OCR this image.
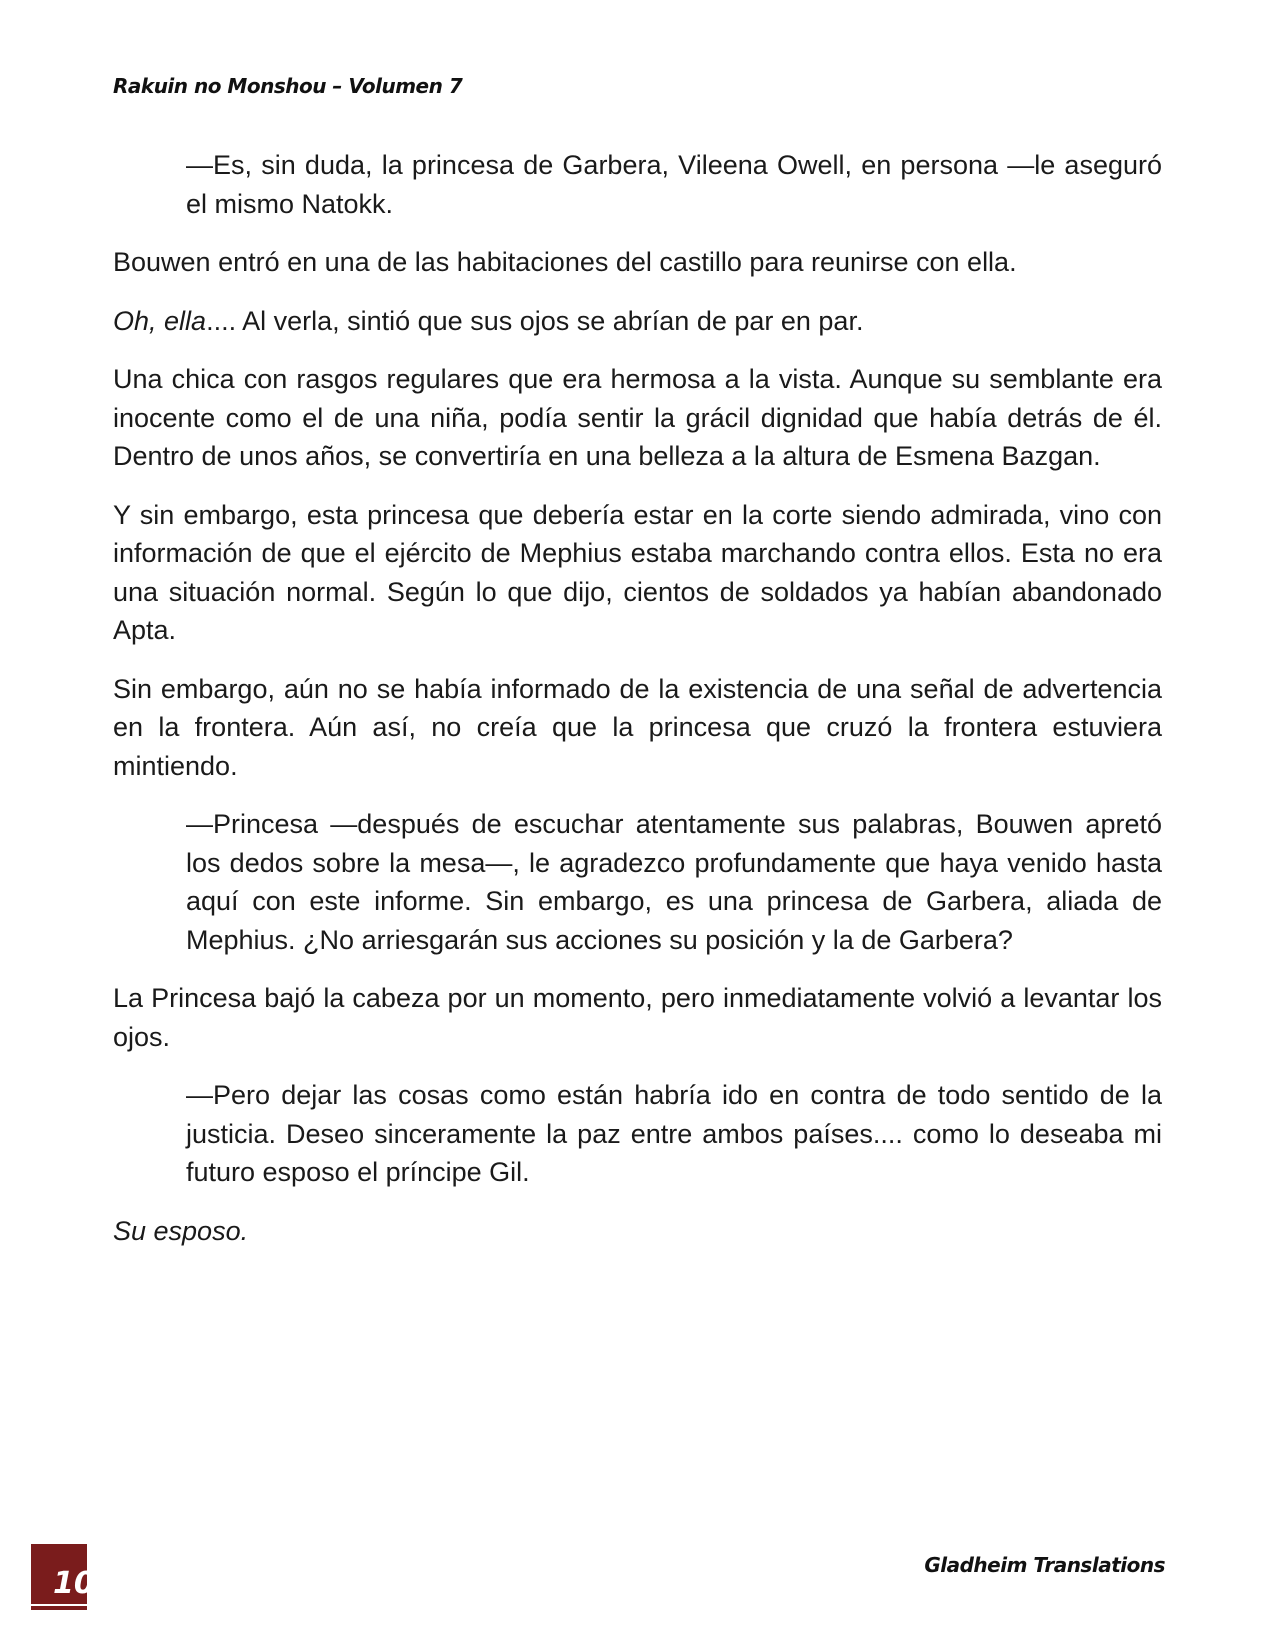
Rakuin no Monshou – Volumen 7

—Es, sin duda, la princesa de Garbera, Vileena Owell, en persona —le aseguró el mismo Natokk.

Bouwen entró en una de las habitaciones del castillo para reunirse con ella.

Oh, ella.... Al verla, sintió que sus ojos se abrían de par en par.

Una chica con rasgos regulares que era hermosa a la vista. Aunque su semblante era inocente como el de una niña, podía sentir la grácil dignidad que había detrás de él. Dentro de unos años, se convertiría en una belleza a la altura de Esmena Bazgan.

Y sin embargo, esta princesa que debería estar en la corte siendo admirada, vino con información de que el ejército de Mephius estaba marchando contra ellos. Esta no era una situación normal. Según lo que dijo, cientos de soldados ya habían abandonado Apta.

Sin embargo, aún no se había informado de la existencia de una señal de advertencia en la frontera. Aún así, no creía que la princesa que cruzó la frontera estuviera mintiendo.

—Princesa —después de escuchar atentamente sus palabras, Bouwen apretó los dedos sobre la mesa—, le agradezco profundamente que haya venido hasta aquí con este informe. Sin embargo, es una princesa de Garbera, aliada de Mephius. ¿No arriesgarán sus acciones su posición y la de Garbera?

La Princesa bajó la cabeza por un momento, pero inmediatamente volvió a levantar los ojos.

—Pero dejar las cosas como están habría ido en contra de todo sentido de la justicia. Deseo sinceramente la paz entre ambos países.... como lo deseaba mi futuro esposo el príncipe Gil.

Su esposo.

10
Gladheim Translations
